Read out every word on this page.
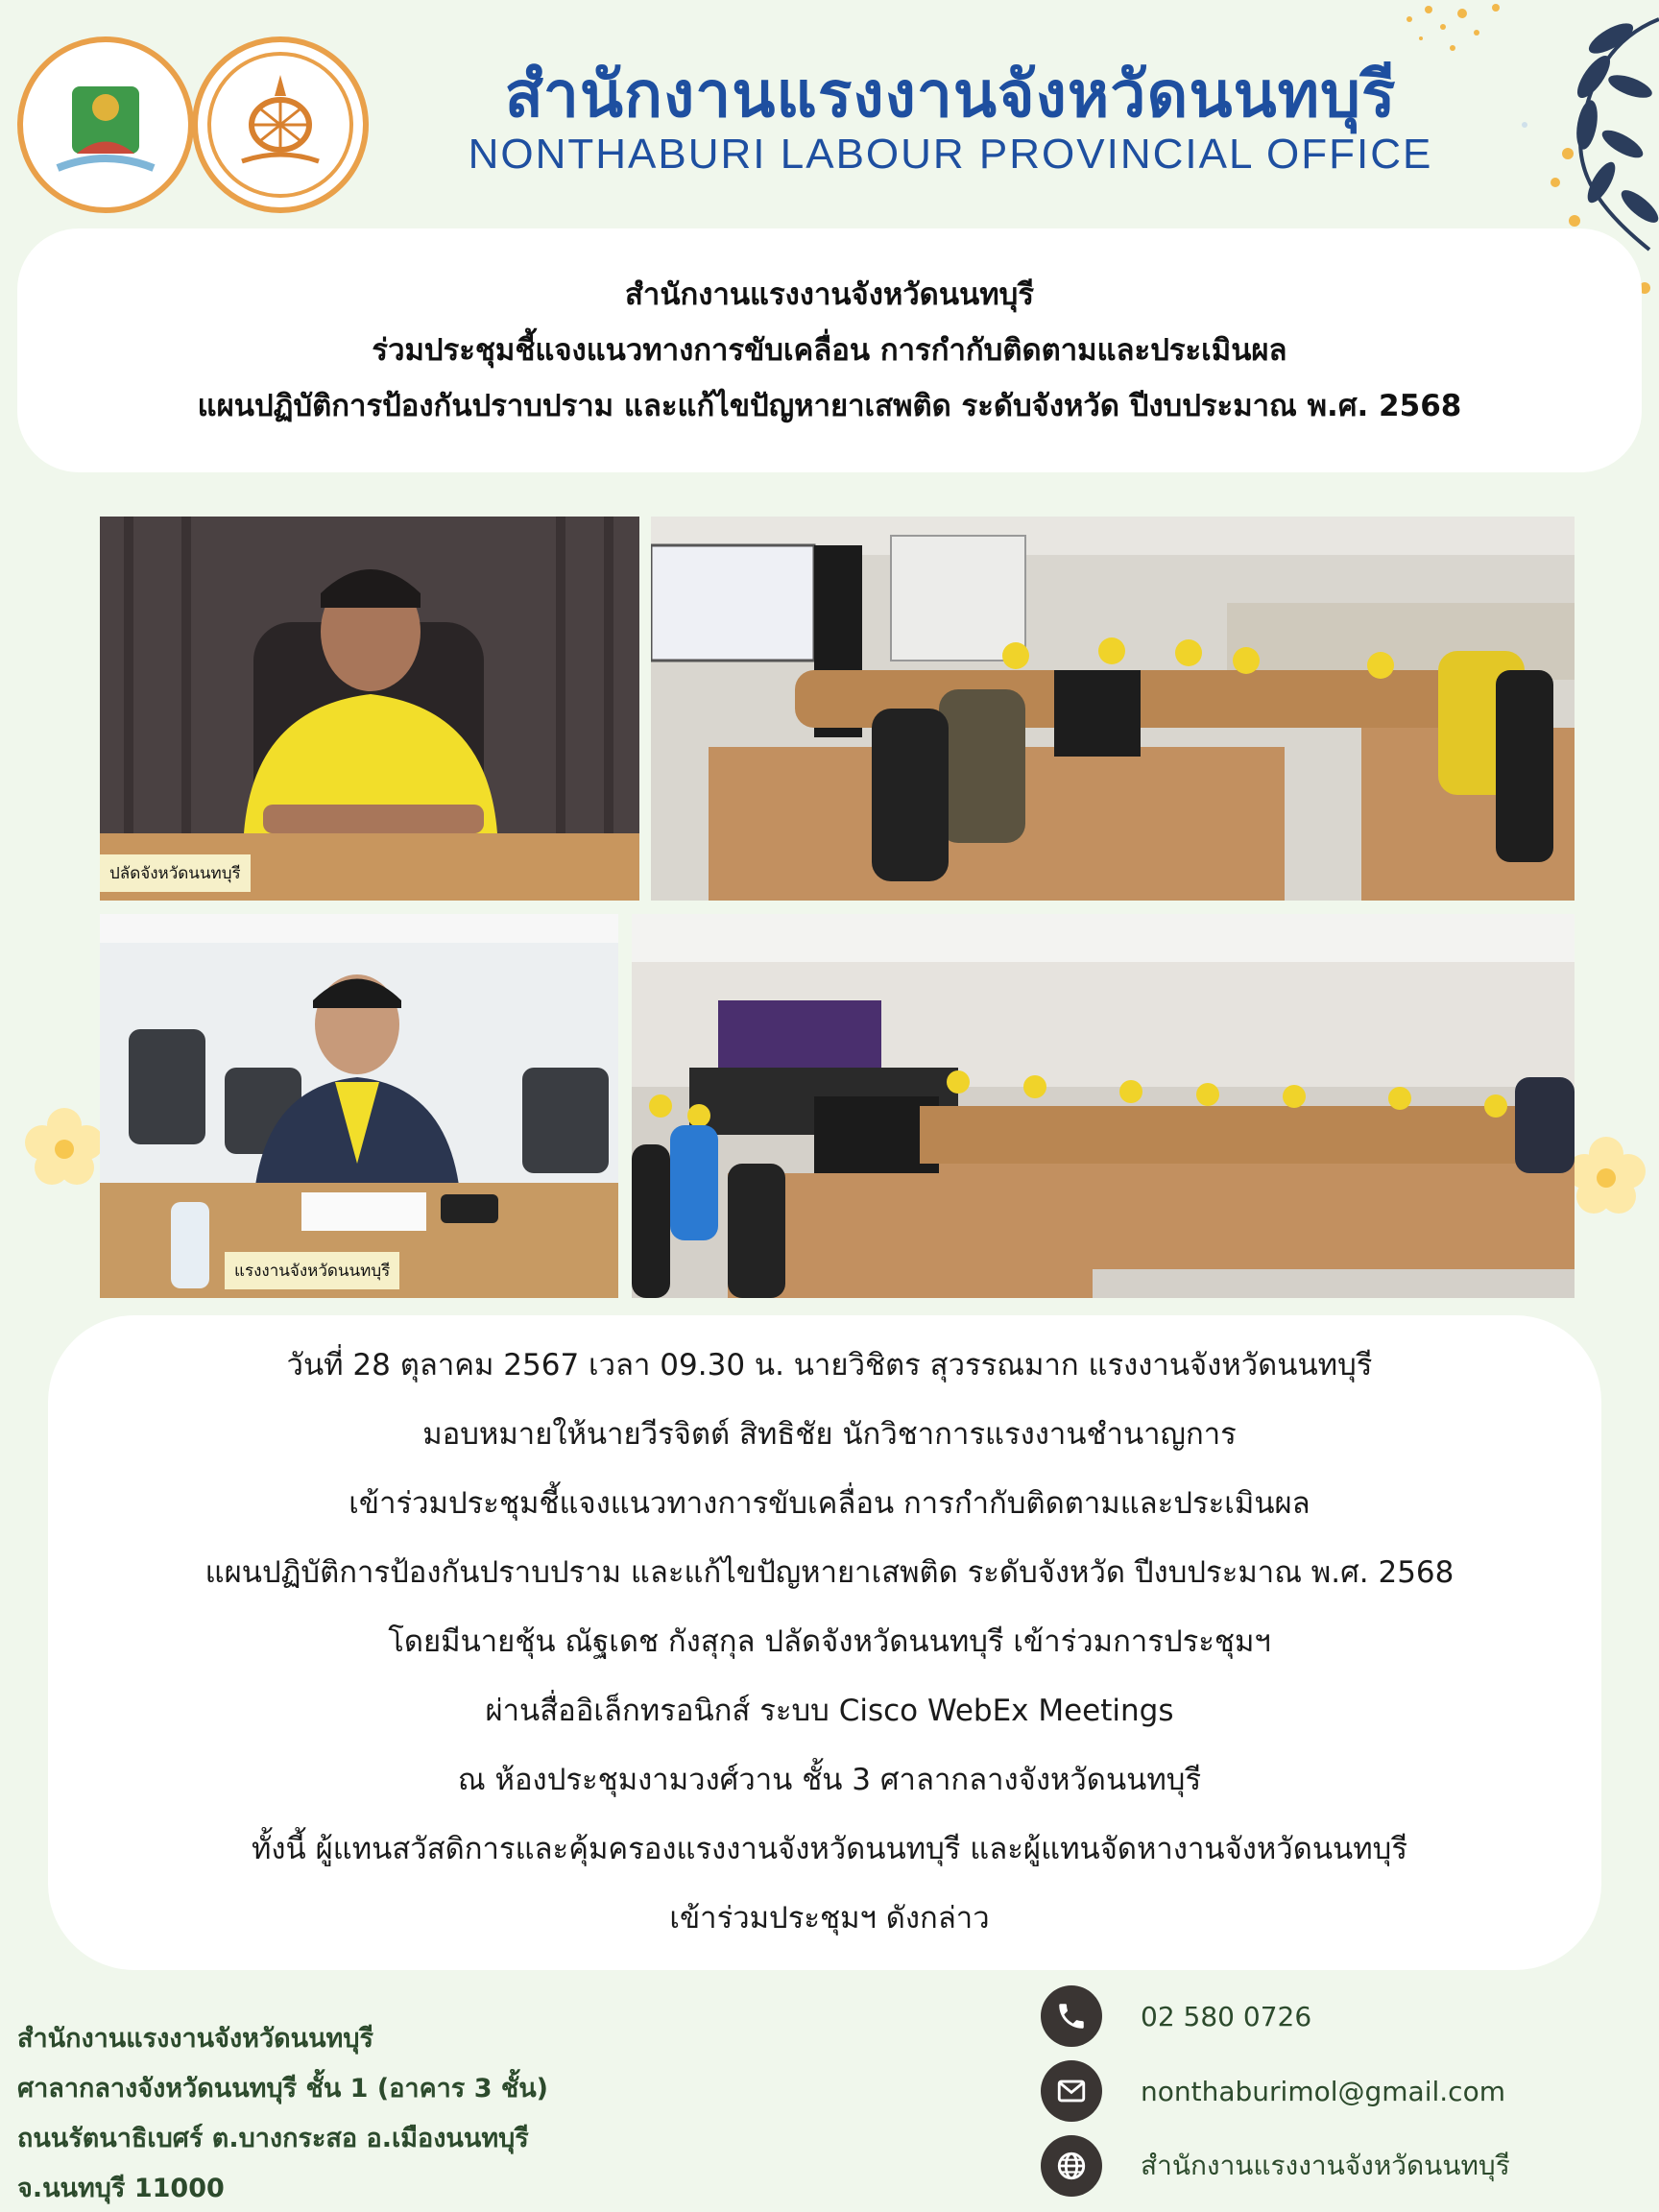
สำนักงานแรงงานจังหวัดนนทบุรี
NONTHABURI LABOUR PROVINCIAL OFFICE
สำนักงานแรงงานจังหวัดนนทบุรี
ร่วมประชุมชี้แจงแนวทางการขับเคลื่อน การกำกับติดตามและประเมินผล
แผนปฏิบัติการป้องกันปราบปราม และแก้ไขปัญหายาเสพติด ระดับจังหวัด ปีงบประมาณ พ.ศ. 2568
ปลัดจังหวัดนนทบุรี
แรงงานจังหวัดนนทบุรี
วันที่ 28 ตุลาคม 2567 เวลา 09.30 น. นายวิชิตร สุวรรณมาก แรงงานจังหวัดนนทบุรี
มอบหมายให้นายวีรจิตต์ สิทธิชัย นักวิชาการแรงงานชำนาญการ
เข้าร่วมประชุมชี้แจงแนวทางการขับเคลื่อน การกำกับติดตามและประเมินผล
แผนปฏิบัติการป้องกันปราบปราม และแก้ไขปัญหายาเสพติด ระดับจังหวัด ปีงบประมาณ พ.ศ. 2568
โดยมีนายชุ้น ณัฐเดช กังสุกุล ปลัดจังหวัดนนทบุรี เข้าร่วมการประชุมฯ
ผ่านสื่ออิเล็กทรอนิกส์ ระบบ Cisco WebEx Meetings
ณ ห้องประชุมงามวงศ์วาน ชั้น 3 ศาลากลางจังหวัดนนทบุรี
ทั้งนี้ ผู้แทนสวัสดิการและคุ้มครองแรงงานจังหวัดนนทบุรี และผู้แทนจัดหางานจังหวัดนนทบุรี
เข้าร่วมประชุมฯ ดังกล่าว
สำนักงานแรงงานจังหวัดนนทบุรี
ศาลากลางจังหวัดนนทบุรี ชั้น 1 (อาคาร 3 ชั้น)
ถนนรัตนาธิเบศร์ ต.บางกระสอ อ.เมืองนนทบุรี
จ.นนทบุรี 11000
02 580 0726
nonthaburimol@gmail.com
สำนักงานแรงงานจังหวัดนนทบุรี
